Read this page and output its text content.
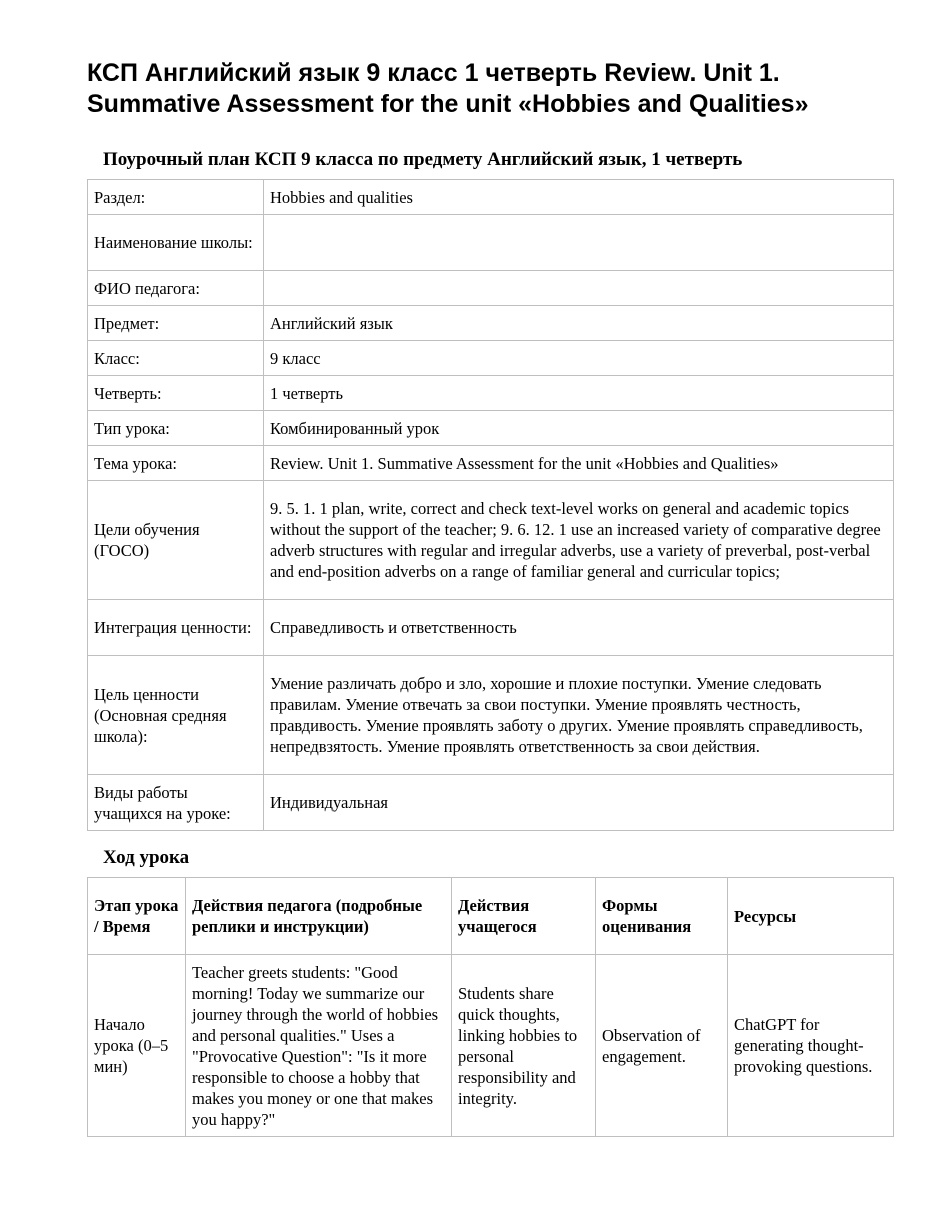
КСП Английский язык 9 класс 1 четверть Review. Unit 1. Summative Assessment for the unit «Hobbies and Qualities»
Поурочный план КСП 9 класса по предмету Английский язык, 1 четверть
Раздел:	Hobbies and qualities
Наименование школы:	
ФИО педагога:	
Предмет:	Английский язык
Класс:	9 класс
Четверть:	1 четверть
Тип урока:	Комбинированный урок
Тема урока:	Review. Unit 1. Summative Assessment for the unit «Hobbies and Qualities»
Цели обучения (ГОСО)	9. 5. 1. 1 plan, write, correct and check text-level works on general and academic topics without the support of the teacher; 9. 6. 12. 1 use an increased variety of comparative degree adverb structures with regular and irregular adverbs, use a variety of preverbal, post-verbal and end-position adverbs on a range of familiar general and curricular topics;
Интеграция ценности:	Справедливость и ответственность
Цель ценности (Основная средняя школа):	Умение различать добро и зло, хорошие и плохие поступки. Умение следовать правилам. Умение отвечать за свои поступки. Умение проявлять честность, правдивость. Умение проявлять заботу о других. Умение проявлять справедливость, непредвзятость. Умение проявлять ответственность за свои действия.
Виды работы учащихся на уроке:	Индивидуальная
Ход урока
Этап урока / Время	Действия педагога (подробные реплики и инструкции)	Действия учащегося	Формы оценивания	Ресурсы
Начало урока (0–5 мин)	Teacher greets students: "Good morning! Today we summarize our journey through the world of hobbies and personal qualities." Uses a "Provocative Question": "Is it more responsible to choose a hobby that makes you money or one that makes you happy?"	Students share quick thoughts, linking hobbies to personal responsibility and integrity.	Observation of engagement.	ChatGPT for generating thought-provoking questions.
